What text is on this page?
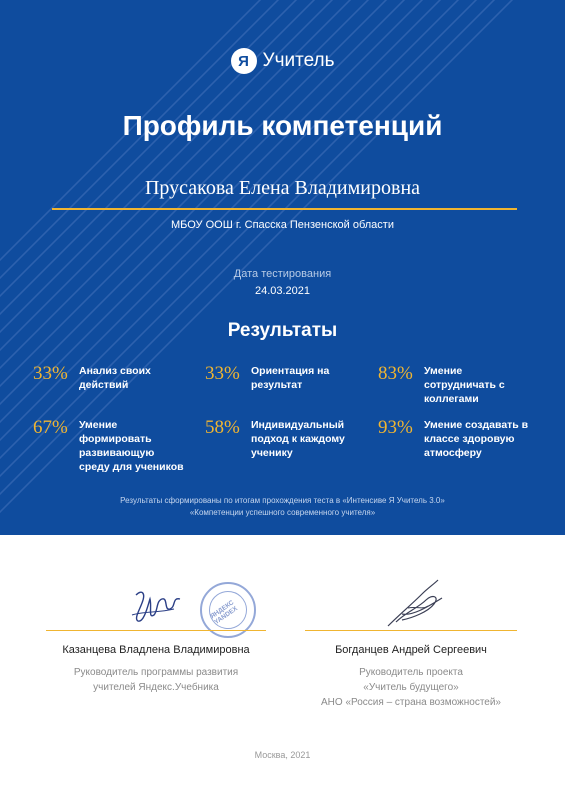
Я Учитель
Профиль компетенций
Прусакова Елена Владимировна
МБОУ ООШ г. Спасска Пензенской области
Дата тестирования
24.03.2021
Результаты
33%	Анализ своих действий
33%	Ориентация на результат
83%	Умение сотрудничать с коллегами
67%	Умение формировать развивающую среду для учеников
58%	Индивидуальный подход к каждому ученику
93%	Умение создавать в классе здоровую атмосферу
Результаты сформированы по итогам прохождения теста в «Интенсиве Я Учитель 3.0»
«Компетенции успешного современного учителя»
ЯНДЕКС YANDEX
Казанцева Владлена Владимировна	Богданцев Андрей Сергеевич
Руководитель программы развития
учителей Яндекс.Учебника
Руководитель проекта
«Учитель будущего»
АНО «Россия – страна возможностей»
Москва, 2021
